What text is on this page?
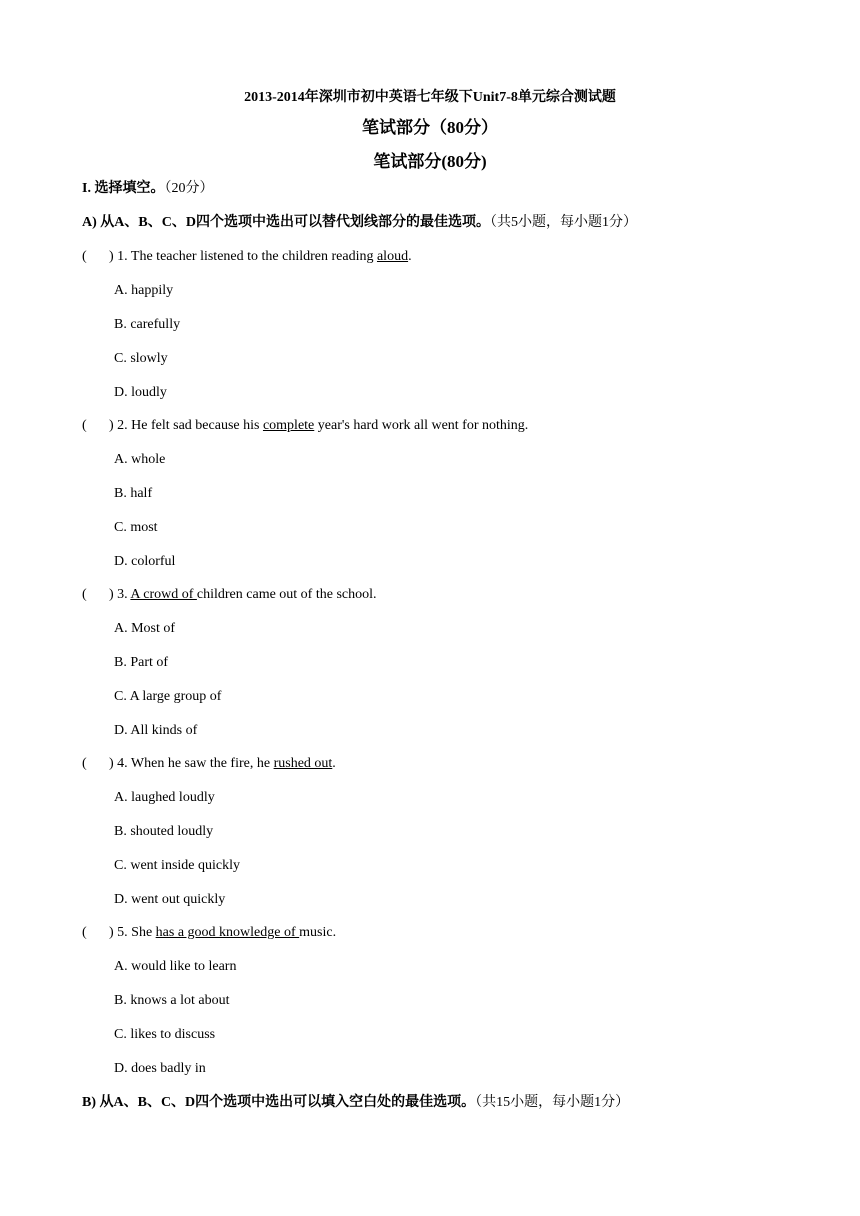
2013-2014年深圳市初中英语七年级下Unit7-8单元综合测试题
笔试部分（80分）
笔试部分(80分)
I. 选择填空。（20分）
A) 从A、B、C、D四个选项中选出可以替代划线部分的最佳选项。（共5小题，每小题1分）
( ) 1. The teacher listened to the children reading aloud.
A. happily
B. carefully
C. slowly
D. loudly
( ) 2. He felt sad because his complete year's hard work all went for nothing.
A. whole
B. half
C. most
D. colorful
( ) 3. A crowd of children came out of the school.
A. Most of
B. Part of
C. A large group of
D. All kinds of
( ) 4. When he saw the fire, he rushed out.
A. laughed loudly
B. shouted loudly
C. went inside quickly
D. went out quickly
( ) 5. She has a good knowledge of music.
A. would like to learn
B. knows a lot about
C. likes to discuss
D. does badly in
B) 从A、B、C、D四个选项中选出可以填入空白处的最佳选项。（共15小题，每小题1分）
